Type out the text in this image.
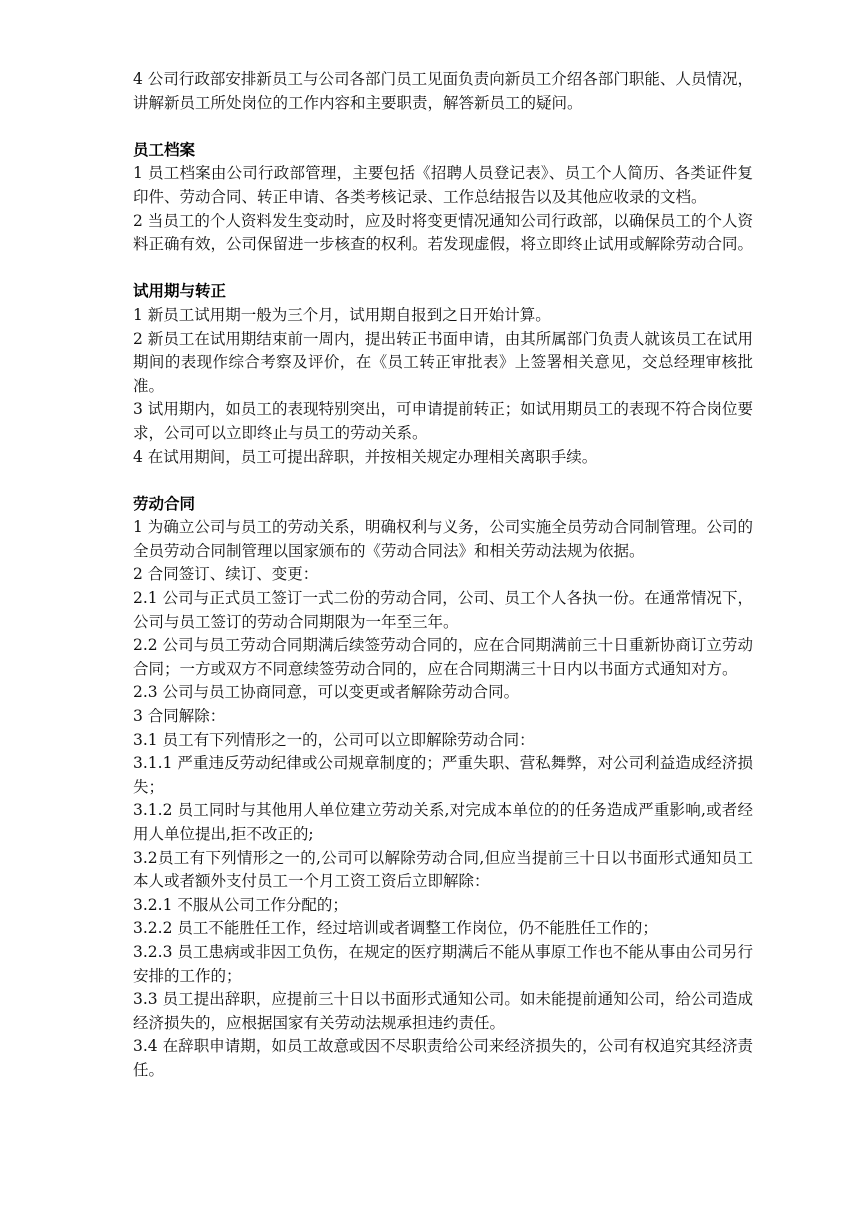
4 公司行政部安排新员工与公司各部门员工见面负责向新员工介绍各部门职能、人员情况，讲解新员工所处岗位的工作内容和主要职责，解答新员工的疑问。

员工档案

1 员工档案由公司行政部管理，主要包括《招聘人员登记表》、员工个人简历、各类证件复印件、劳动合同、转正申请、各类考核记录、工作总结报告以及其他应收录的文档。

2 当员工的个人资料发生变动时，应及时将变更情况通知公司行政部，以确保员工的个人资料正确有效，公司保留进一步核查的权利。若发现虚假，将立即终止试用或解除劳动合同。

试用期与转正

1 新员工试用期一般为三个月，试用期自报到之日开始计算。

2 新员工在试用期结束前一周内，提出转正书面申请，由其所属部门负责人就该员工在试用期间的表现作综合考察及评价，在《员工转正审批表》上签署相关意见，交总经理审核批准。

3 试用期内，如员工的表现特别突出，可申请提前转正；如试用期员工的表现不符合岗位要求，公司可以立即终止与员工的劳动关系。

4 在试用期间，员工可提出辞职，并按相关规定办理相关离职手续。

劳动合同

1 为确立公司与员工的劳动关系，明确权利与义务，公司实施全员劳动合同制管理。公司的全员劳动合同制管理以国家颁布的《劳动合同法》和相关劳动法规为依据。

2 合同签订、续订、变更：

2.1 公司与正式员工签订一式二份的劳动合同，公司、员工个人各执一份。在通常情况下，公司与员工签订的劳动合同期限为一年至三年。

2.2 公司与员工劳动合同期满后续签劳动合同的，应在合同期满前三十日重新协商订立劳动合同；一方或双方不同意续签劳动合同的，应在合同期满三十日内以书面方式通知对方。

2.3 公司与员工协商同意，可以变更或者解除劳动合同。

3 合同解除：

3.1 员工有下列情形之一的，公司可以立即解除劳动合同：

3.1.1 严重违反劳动纪律或公司规章制度的；严重失职、营私舞弊，对公司利益造成经济损失；

3.1.2 员工同时与其他用人单位建立劳动关系,对完成本单位的的任务造成严重影响,或者经用人单位提出,拒不改正的;

3.2员工有下列情形之一的,公司可以解除劳动合同,但应当提前三十日以书面形式通知员工本人或者额外支付员工一个月工资工资后立即解除：

3.2.1 不服从公司工作分配的；

3.2.2 员工不能胜任工作，经过培训或者调整工作岗位，仍不能胜任工作的；

3.2.3 员工患病或非因工负伤，在规定的医疗期满后不能从事原工作也不能从事由公司另行安排的工作的；

3.3 员工提出辞职，应提前三十日以书面形式通知公司。如未能提前通知公司，给公司造成经济损失的，应根据国家有关劳动法规承担违约责任。

3.4 在辞职申请期，如员工故意或因不尽职责给公司来经济损失的，公司有权追究其经济责任。
